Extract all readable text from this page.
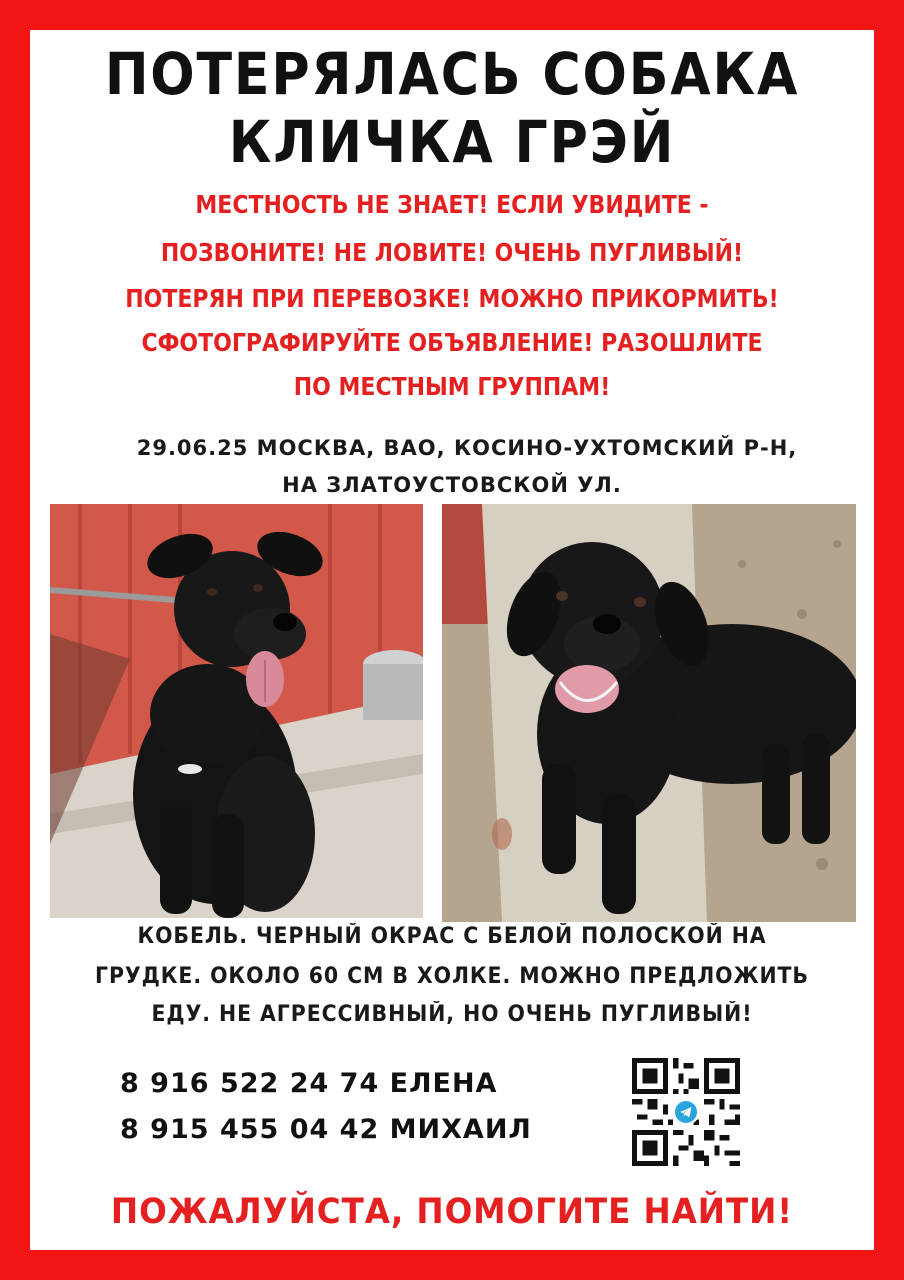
ПОТЕРЯЛАСЬ СОБАКА
КЛИЧКА ГРЭЙ
МЕСТНОСТЬ НЕ ЗНАЕТ! ЕСЛИ УВИДИТЕ -
ПОЗВОНИТЕ! НЕ ЛОВИТЕ! ОЧЕНЬ ПУГЛИВЫЙ!
ПОТЕРЯН ПРИ ПЕРЕВОЗКЕ! МОЖНО ПРИКОРМИТЬ!
СФОТОГРАФИРУЙТЕ ОБЪЯВЛЕНИЕ! РАЗОШЛИТЕ
ПО МЕСТНЫМ ГРУППАМ!
29.06.25 МОСКВА, ВАО, КОСИНО-УХТОМСКИЙ Р-Н,
НА ЗЛАТОУСТОВСКОЙ УЛ.
КОБЕЛЬ. ЧЕРНЫЙ ОКРАС С БЕЛОЙ ПОЛОСКОЙ НА
ГРУДКЕ. ОКОЛО 60 СМ В ХОЛКЕ. МОЖНО ПРЕДЛОЖИТЬ
ЕДУ. НЕ АГРЕССИВНЫЙ, НО ОЧЕНЬ ПУГЛИВЫЙ!
8 916 522 24 74 ЕЛЕНА
8 915 455 04 42 МИХАИЛ
ПОЖАЛУЙСТА, ПОМОГИТЕ НАЙТИ!
